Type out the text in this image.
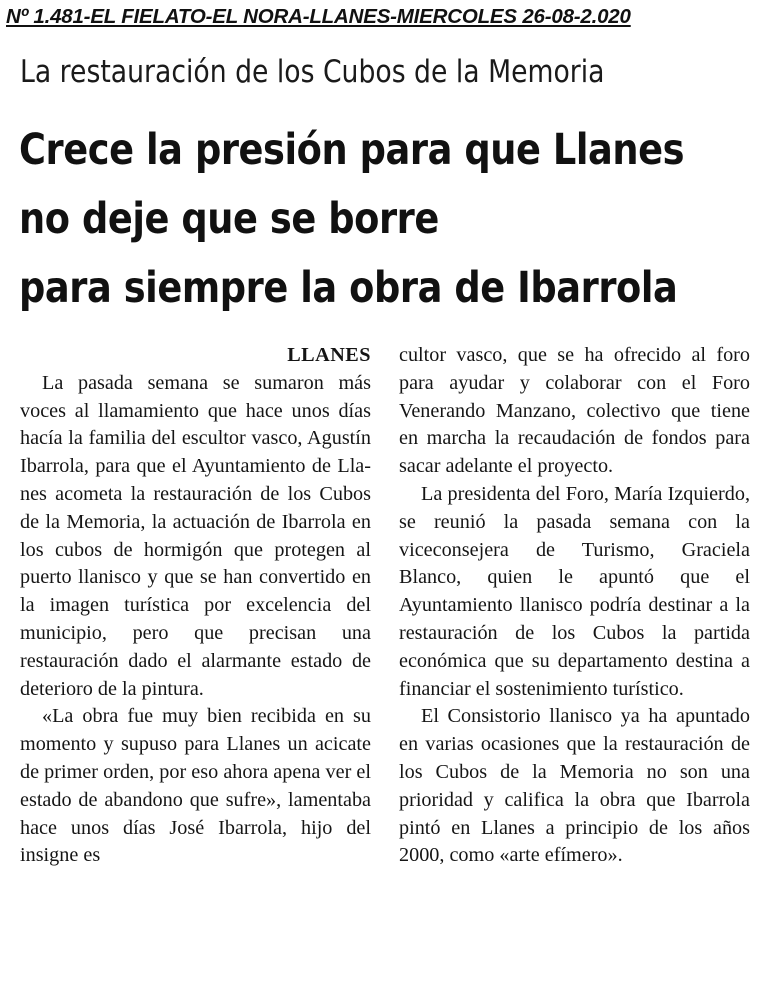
Nº 1.481-EL FIELATO-EL NORA-LLANES-MIERCOLES 26-08-2.020
La restauración de los Cubos de la Memoria
Crece la presión para que Llanes
no deje que se borre
para siempre la obra de Ibarrola
LLANES

La pasada semana se sumaron más voces al llamamiento que hace unos días hacía la familia del escultor vasco, Agustín Ibarrola, para que el Ayuntamiento de Llanes acometa la restauración de los Cubos de la Memoria, la actuación de Ibarrola en los cubos de hormigón que protegen al puerto llanisco y que se han convertido en la imagen turística por excelencia del municipio, pero que precisan una restauración dado el alarmante estado de deterioro de la pintura.

«La obra fue muy bien recibida en su momento y supuso para Llanes un acicate de primer orden, por eso ahora apena ver el estado de abandono que sufre», lamentaba hace unos días José Ibarrola, hijo del insigne es

cultor vasco, que se ha ofrecido al foro para ayudar y colaborar con el Foro Venerando Manzano, colectivo que tiene en marcha la recaudación de fondos para sacar adelante el proyecto.

La presidenta del Foro, María Izquierdo, se reunió la pasada semana con la viceconsejera de Turismo, Graciela Blanco, quien le apuntó que el Ayuntamiento llanisco podría destinar a la restauración de los Cubos la partida económica que su departamento destina a financiar el sostenimiento turístico.

El Consistorio llanisco ya ha apuntado en varias ocasiones que la restauración de los Cubos de la Memoria no son una prioridad y califica la obra que Ibarrola pintó en Llanes a principio de los años 2000, como «arte efímero».
